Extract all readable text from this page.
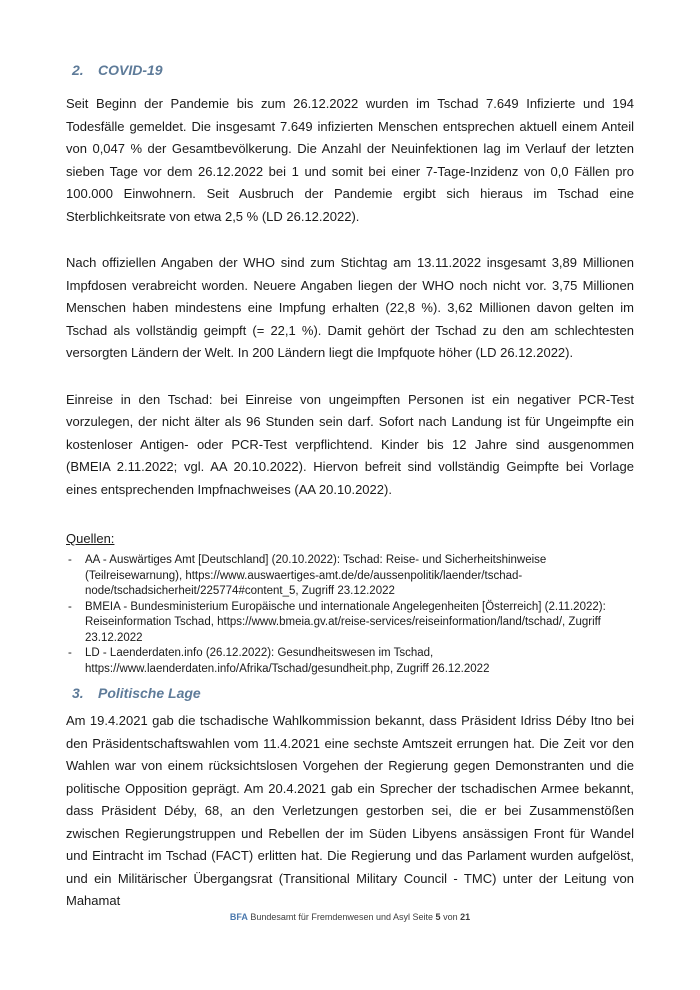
2.	COVID-19

Seit Beginn der Pandemie bis zum 26.12.2022 wurden im Tschad 7.649 Infizierte und 194 Todesfälle gemeldet. Die insgesamt 7.649 infizierten Menschen entsprechen aktuell einem Anteil von 0,047 % der Gesamtbevölkerung. Die Anzahl der Neuinfektionen lag im Verlauf der letzten sieben Tage vor dem 26.12.2022 bei 1 und somit bei einer 7-Tage-Inzidenz von 0,0 Fällen pro 100.000 Einwohnern. Seit Ausbruch der Pandemie ergibt sich hieraus im Tschad eine Sterblichkeitsrate von etwa 2,5 % (LD 26.12.2022).

Nach offiziellen Angaben der WHO sind zum Stichtag am 13.11.2022 insgesamt 3,89 Millionen Impfdosen verabreicht worden. Neuere Angaben liegen der WHO noch nicht vor. 3,75 Millionen Menschen haben mindestens eine Impfung erhalten (22,8 %). 3,62 Millionen davon gelten im Tschad als vollständig geimpft (= 22,1 %). Damit gehört der Tschad zu den am schlechtesten versorgten Ländern der Welt. In 200 Ländern liegt die Impfquote höher (LD 26.12.2022).

Einreise in den Tschad: bei Einreise von ungeimpften Personen ist ein negativer PCR-Test vorzulegen, der nicht älter als 96 Stunden sein darf. Sofort nach Landung ist für Ungeimpfte ein kostenloser Antigen- oder PCR-Test verpflichtend. Kinder bis 12 Jahre sind ausgenommen (BMEIA 2.11.2022; vgl. AA 20.10.2022). Hiervon befreit sind vollständig Geimpfte bei Vorlage eines entsprechenden Impfnachweises (AA 20.10.2022).

Quellen:
- AA - Auswärtiges Amt [Deutschland] (20.10.2022): Tschad: Reise- und Sicherheitshinweise (Teilreisewarnung), https://www.auswaertiges-amt.de/de/aussenpolitik/laender/tschad-node/tschadsicherheit/225774#content_5, Zugriff 23.12.2022
- BMEIA - Bundesministerium Europäische und internationale Angelegenheiten [Österreich] (2.11.2022): Reiseinformation Tschad, https://www.bmeia.gv.at/reise-services/reiseinformation/land/tschad/, Zugriff 23.12.2022
- LD - Laenderdaten.info (26.12.2022): Gesundheitswesen im Tschad, https://www.laenderdaten.info/Afrika/Tschad/gesundheit.php, Zugriff 26.12.2022
3.	Politische Lage

Am 19.4.2021 gab die tschadische Wahlkommission bekannt, dass Präsident Idriss Déby Itno bei den Präsidentschaftswahlen vom 11.4.2021 eine sechste Amtszeit errungen hat. Die Zeit vor den Wahlen war von einem rücksichtslosen Vorgehen der Regierung gegen Demonstranten und die politische Opposition geprägt. Am 20.4.2021 gab ein Sprecher der tschadischen Armee bekannt, dass Präsident Déby, 68, an den Verletzungen gestorben sei, die er bei Zusammenstößen zwischen Regierungstruppen und Rebellen der im Süden Libyens ansässigen Front für Wandel und Eintracht im Tschad (FACT) erlitten hat. Die Regierung und das Parlament wurden aufgelöst, und ein Militärischer Übergangsrat (Transitional Military Council - TMC) unter der Leitung von Mahamat

BFA Bundesamt für Fremdenwesen und Asyl Seite 5 von 21
